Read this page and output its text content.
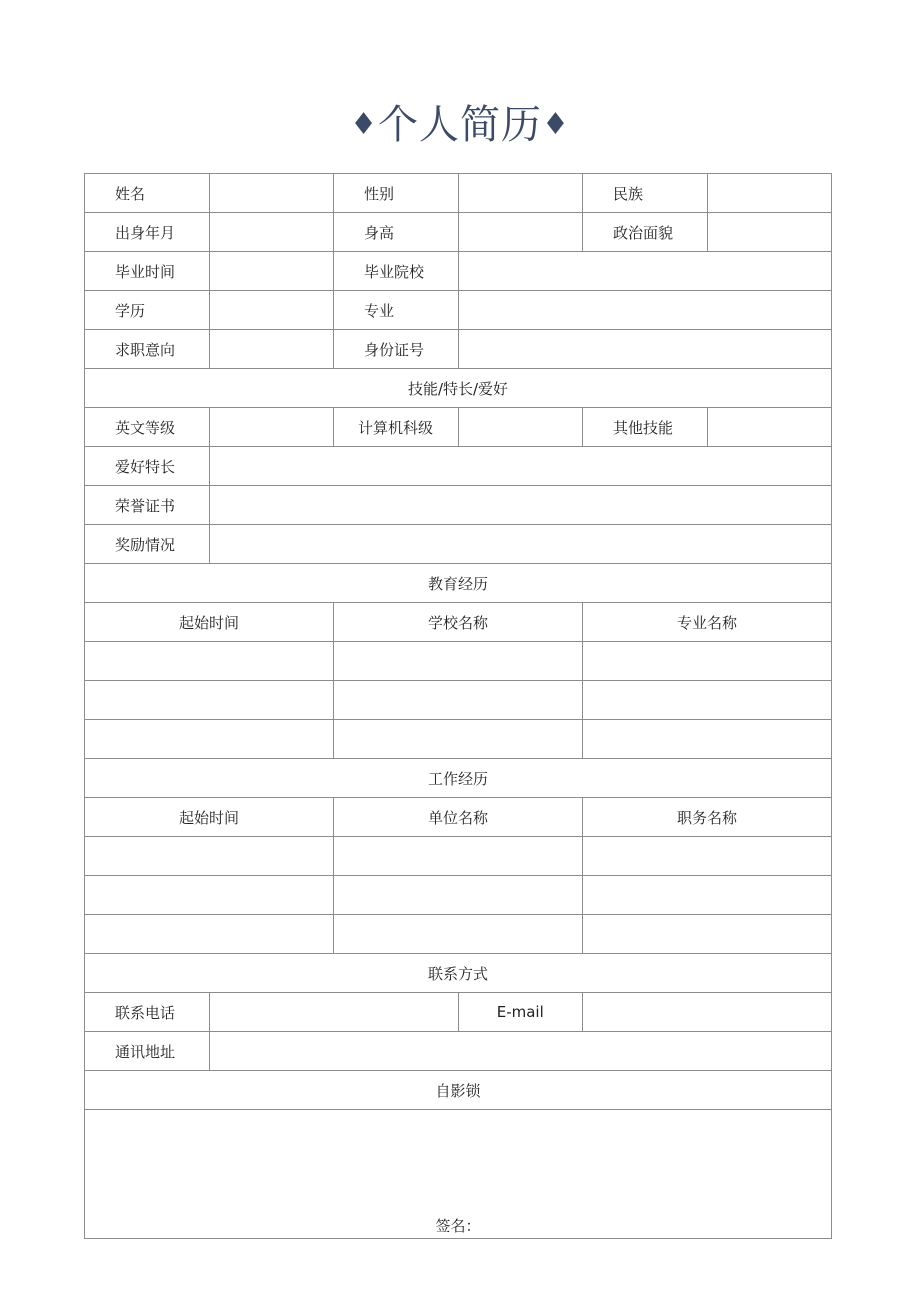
♦个人简历♦
姓名		性别		民族	
出身年月		身高		政治面貌	
毕业时间		毕业院校			
学历		专业			
求职意向		身份证号			
技能/特长/爱好					
英文等级		计算机科级		其他技能	
爱好特长					
荣誉证书					
奖励情况					
教育经历					
起始时间		学校名称		专业名称	

工作经历					
起始时间		单位名称		职务名称	

联系方式					
联系电话			E-mail		
通讯地址					
自影锁					
签名：					
